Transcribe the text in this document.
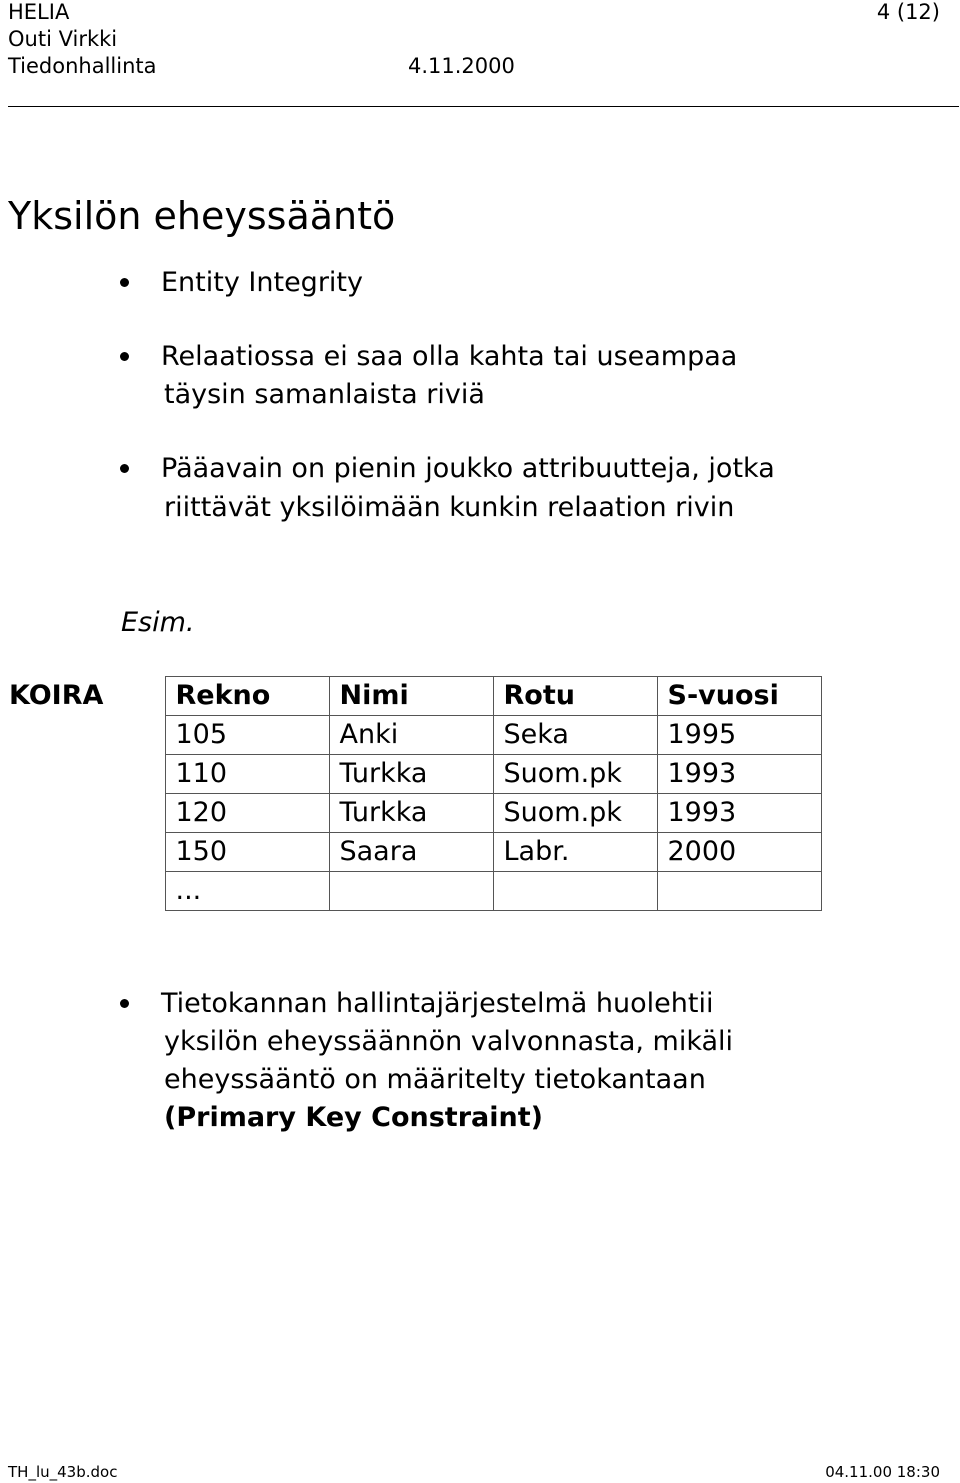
HELIA	4 (12)
Outi Virkki
Tiedonhallinta	4.11.2000
Yksilön eheyssääntö
Entity Integrity
Relaatiossa ei saa olla kahta tai useampaa
täysin samanlaista riviä
Pääavain on pienin joukko attribuutteja, jotka
riittävät yksilöimään kunkin relaation rivin
Esim.
KOIRA	Rekno	Nimi	Rotu	S-vuosi
	105	Anki	Seka	1995
	110	Turkka	Suom.pk	1993
	120	Turkka	Suom.pk	1993
	150	Saara	Labr.	2000
	...			
Tietokannan hallintajärjestelmä huolehtii
yksilön eheyssäännön valvonnasta, mikäli
eheyssääntö on määritelty tietokantaan
(Primary Key Constraint)
TH_lu_43b.doc	04.11.00 18:30
